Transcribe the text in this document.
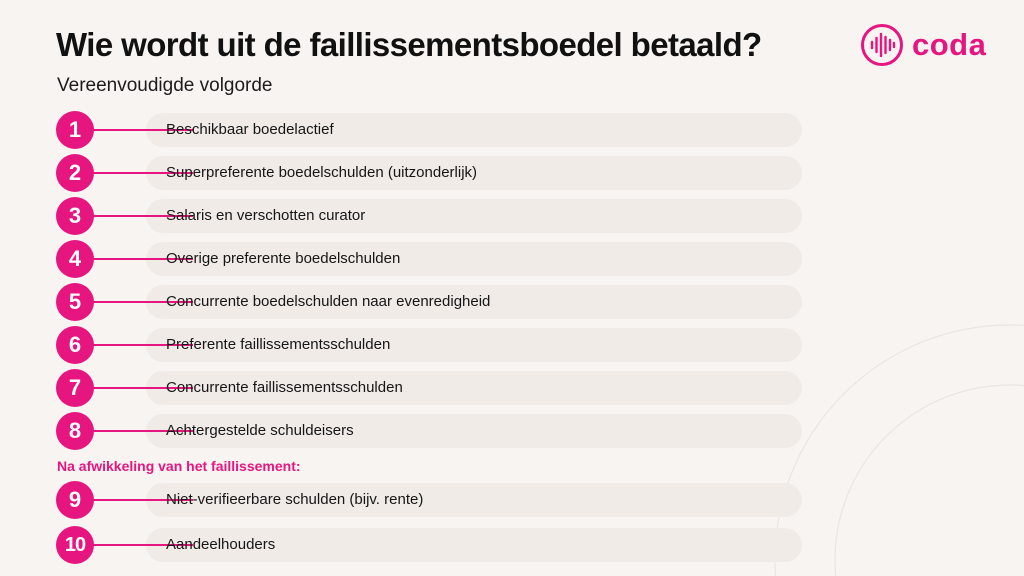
Wie wordt uit de faillissementsboedel betaald?

Vereenvoudigde volgorde

coda
1	Beschikbaar boedelactief
2	Superpreferente boedelschulden (uitzonderlijk)
3	Salaris en verschotten curator
4	Overige preferente boedelschulden
5	Concurrente boedelschulden naar evenredigheid
6	Preferente faillissementsschulden
7	Concurrente faillissementsschulden
8	Achtergestelde schuldeisers

Na afwikkeling van het faillissement:

9	Niet-verifieerbare schulden (bijv. rente)
10	Aandeelhouders
